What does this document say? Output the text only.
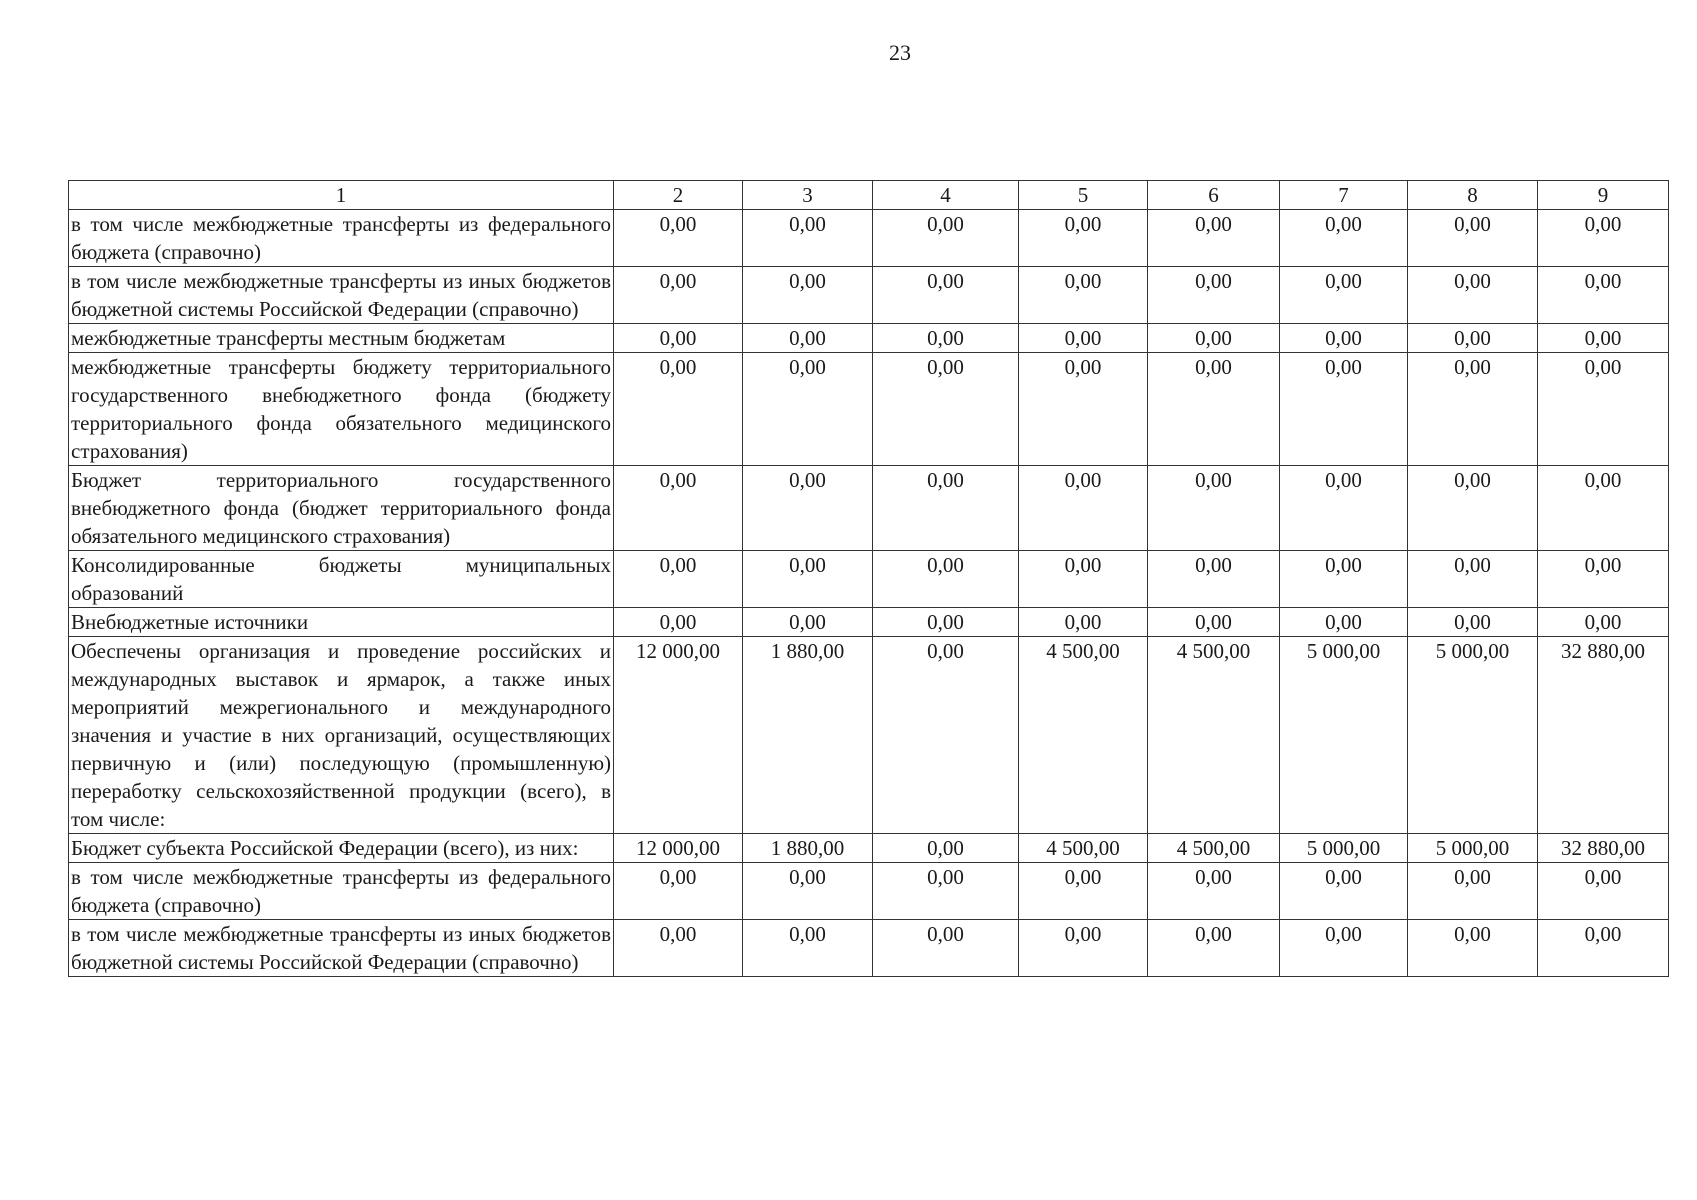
23
1	2	3	4	5	6	7	8	9
в том числе межбюджетные трансферты из федерального бюджета (справочно)	0,00	0,00	0,00	0,00	0,00	0,00	0,00	0,00
в том числе межбюджетные трансферты из иных бюджетов бюджетной системы Российской Федерации (справочно)	0,00	0,00	0,00	0,00	0,00	0,00	0,00	0,00
межбюджетные трансферты местным бюджетам	0,00	0,00	0,00	0,00	0,00	0,00	0,00	0,00
межбюджетные трансферты бюджету территориального государственного внебюджетного фонда (бюджету территориального фонда обязательного медицинского страхования)	0,00	0,00	0,00	0,00	0,00	0,00	0,00	0,00
Бюджет территориального государственного внебюджетного фонда (бюджет территориального фонда обязательного медицинского страхования)	0,00	0,00	0,00	0,00	0,00	0,00	0,00	0,00
Консолидированные бюджеты муниципальных образований	0,00	0,00	0,00	0,00	0,00	0,00	0,00	0,00
Внебюджетные источники	0,00	0,00	0,00	0,00	0,00	0,00	0,00	0,00
Обеспечены организация и проведение российских и международных выставок и ярмарок, а также иных мероприятий межрегионального и международного значения и участие в них организаций, осуществляющих первичную и (или) последующую (промышленную) переработку сельскохозяйственной продукции (всего), в том числе:	12 000,00	1 880,00	0,00	4 500,00	4 500,00	5 000,00	5 000,00	32 880,00
Бюджет субъекта Российской Федерации (всего), из них:	12 000,00	1 880,00	0,00	4 500,00	4 500,00	5 000,00	5 000,00	32 880,00
в том числе межбюджетные трансферты из федерального бюджета (справочно)	0,00	0,00	0,00	0,00	0,00	0,00	0,00	0,00
в том числе межбюджетные трансферты из иных бюджетов бюджетной системы Российской Федерации (справочно)	0,00	0,00	0,00	0,00	0,00	0,00	0,00	0,00
